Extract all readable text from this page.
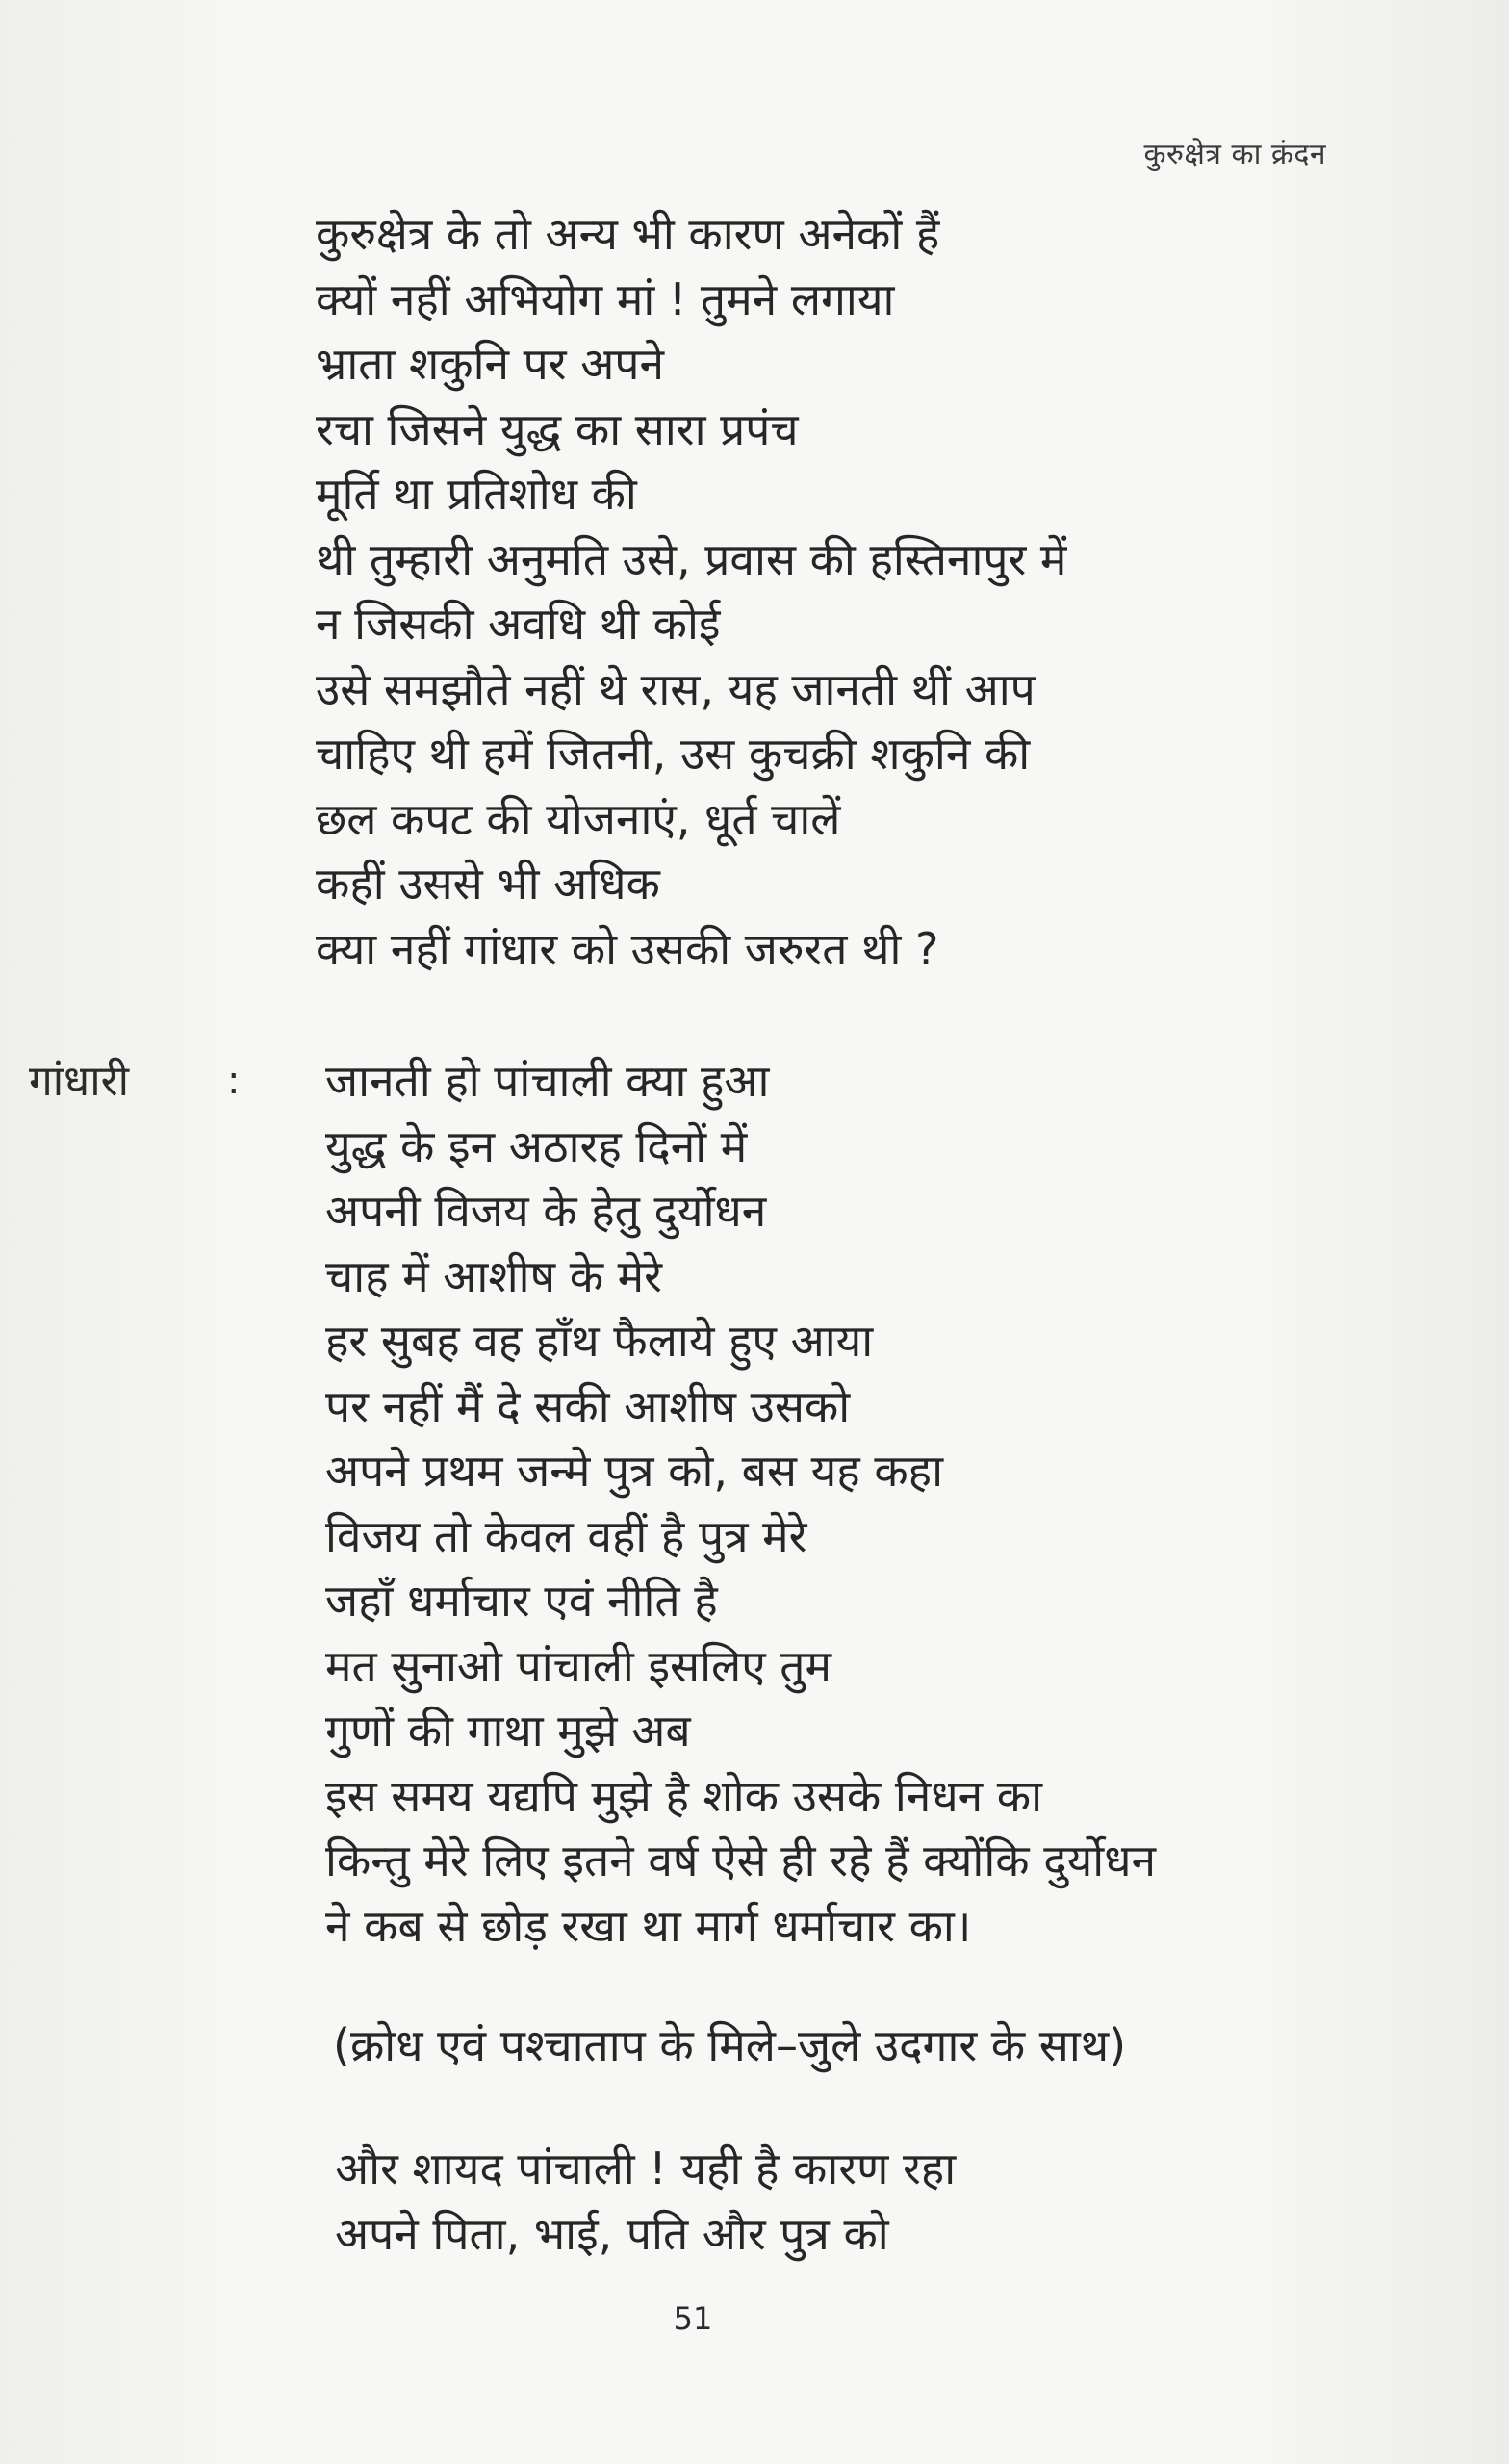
कुरुक्षेत्र का क्रंदन
कुरुक्षेत्र के तो अन्य भी कारण अनेकों हैं
क्यों नहीं अभियोग मां ! तुमने लगाया
भ्राता शकुनि पर अपने
रचा जिसने युद्ध का सारा प्रपंच
मूर्ति था प्रतिशोध की
थी तुम्हारी अनुमति उसे, प्रवास की हस्तिनापुर में
न जिसकी अवधि थी कोई
उसे समझौते नहीं थे रास, यह जानती थीं आप
चाहिए थी हमें जितनी, उस कुचक्री शकुनि की
छल कपट की योजनाएं, धूर्त चालें
कहीं उससे भी अधिक
क्या नहीं गांधार को उसकी जरुरत थी ?
गांधारी	: जानती हो पांचाली क्या हुआ
युद्ध के इन अठारह दिनों में
अपनी विजय के हेतु दुर्योधन
चाह में आशीष के मेरे
हर सुबह वह हाँथ फैलाये हुए आया
पर नहीं मैं दे सकी आशीष उसको
अपने प्रथम जन्मे पुत्र को, बस यह कहा
विजय तो केवल वहीं है पुत्र मेरे
जहाँ धर्माचार एवं नीति है
मत सुनाओ पांचाली इसलिए तुम
गुणों की गाथा मुझे अब
इस समय यद्यपि मुझे है शोक उसके निधन का
किन्तु मेरे लिए इतने वर्ष ऐसे ही रहे हैं क्योंकि दुर्योधन
ने कब से छोड़ रखा था मार्ग धर्माचार का।
(क्रोध एवं पश्चाताप के मिले–जुले उदगार के साथ)
और शायद पांचाली ! यही है कारण रहा
अपने पिता, भाई, पति और पुत्र को
51
